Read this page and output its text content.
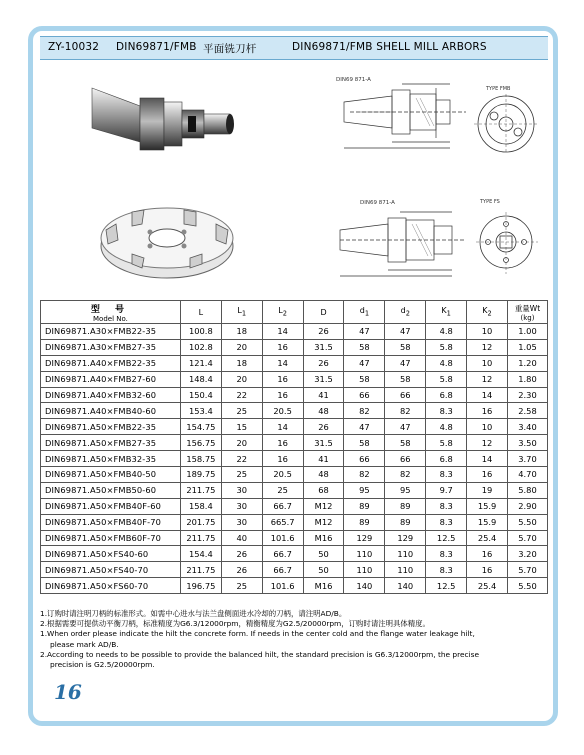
ZY-10032 DIN69871/FMB 平面铣刀杆	DIN69871/FMB SHELL MILL ARBORS
DIN69 871-A
TYPE FMB
DIN69 871-A	TYPE FS
型 号
Model No.	L	$L_1$	$L_2$	D	$d_1$	$d_2$	$K_1$	$K_2$	重量Wt
(kg)

DIN69871.A30×FMB22-35	100.8	18	14	26	47	47	4.8	10	1.00
DIN69871.A30×FMB27-35	102.8	20	16	31.5	58	58	5.8	12	1.05
DIN69871.A40×FMB22-35	121.4	18	14	26	47	47	4.8	10	1.20
DIN69871.A40×FMB27-60	148.4	20	16	31.5	58	58	5.8	12	1.80
DIN69871.A40×FMB32-60	150.4	22	16	41	66	66	6.8	14	2.30
DIN69871.A40×FMB40-60	153.4	25	20.5	48	82	82	8.3	16	2.58
DIN69871.A50×FMB22-35	154.75	15	14	26	47	47	4.8	10	3.40
DIN69871.A50×FMB27-35	156.75	20	16	31.5	58	58	5.8	12	3.50
DIN69871.A50×FMB32-35	158.75	22	16	41	66	66	6.8	14	3.70
DIN69871.A50×FMB40-50	189.75	25	20.5	48	82	82	8.3	16	4.70
DIN69871.A50×FMB50-60	211.75	30	25	68	95	95	9.7	19	5.80
DIN69871.A50×FMB40F-60	158.4	30	66.7	M12	89	89	8.3	15.9	2.90
DIN69871.A50×FMB40F-70	201.75	30	665.7	M12	89	89	8.3	15.9	5.50
DIN69871.A50×FMB60F-70	211.75	40	101.6	M16	129	129	12.5	25.4	5.70
DIN69871.A50×FS40-60	154.4	26	66.7	50	110	110	8.3	16	3.20
DIN69871.A50×FS40-70	211.75	26	66.7	50	110	110	8.3	16	5.70
DIN69871.A50×FS60-70	196.75	25	101.6	M16	140	140	12.5	25.4	5.50
1.订购时请注明刀柄的标准形式。如需中心进水与法兰盘侧面进水冷却的刀柄，请注明AD/B。
2.根据需要可提供动平衡刀柄，标准精度为G6.3/12000rpm，精衡精度为G2.5/20000rpm，订购时请注明具体精度。
1.When order please indicate the hilt the concrete form. If needs in the center cold and the flange water leakage hilt,
please mark AD/B.
2.According to needs to be possible to provide the balanced hilt, the standard precision is G6.3/12000rpm, the precise
precision is G2.5/20000rpm.
16
